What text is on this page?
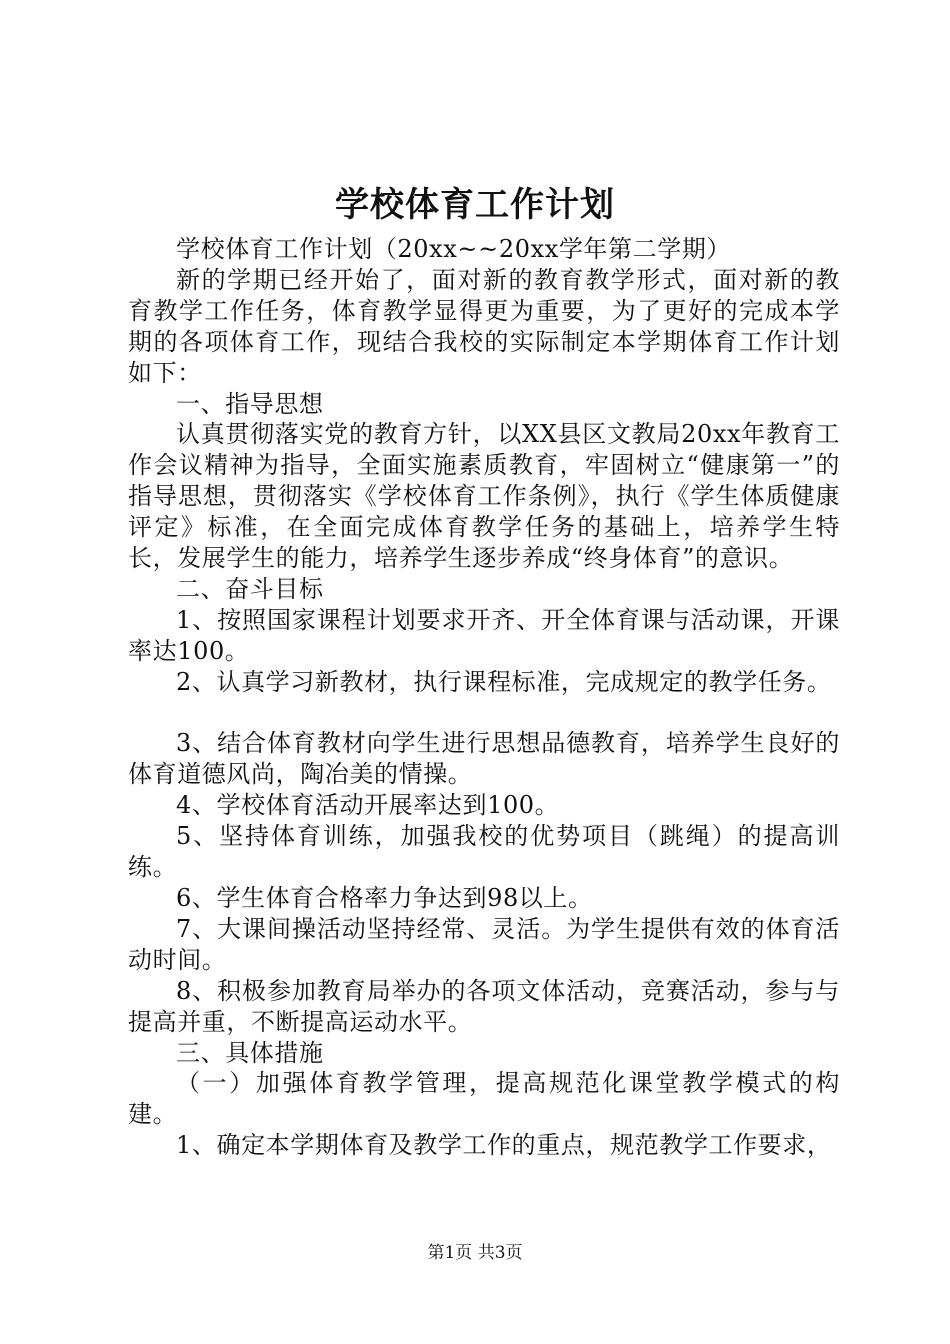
学校体育工作计划

学校体育工作计划（20xx~~20xx学年第二学期）

新的学期已经开始了，面对新的教育教学形式，面对新的教育教学工作任务，体育教学显得更为重要，为了更好的完成本学期的各项体育工作，现结合我校的实际制定本学期体育工作计划如下：

一、指导思想

认真贯彻落实党的教育方针，以XX县区文教局20xx年教育工作会议精神为指导，全面实施素质教育，牢固树立“健康第一”的指导思想，贯彻落实《学校体育工作条例》，执行《学生体质健康评定》标准，在全面完成体育教学任务的基础上，培养学生特长，发展学生的能力，培养学生逐步养成“终身体育”的意识。

二、奋斗目标

1、按照国家课程计划要求开齐、开全体育课与活动课，开课率达100。

2、认真学习新教材，执行课程标准，完成规定的教学任务。

3、结合体育教材向学生进行思想品德教育，培养学生良好的体育道德风尚，陶冶美的情操。

4、学校体育活动开展率达到100。

5、坚持体育训练，加强我校的优势项目（跳绳）的提高训练。

6、学生体育合格率力争达到98以上。

7、大课间操活动坚持经常、灵活。为学生提供有效的体育活动时间。

8、积极参加教育局举办的各项文体活动，竞赛活动，参与与提高并重，不断提高运动水平。

三、具体措施

（一）加强体育教学管理，提高规范化课堂教学模式的构建。

1、确定本学期体育及教学工作的重点，规范教学工作要求，

第1页 共3页
